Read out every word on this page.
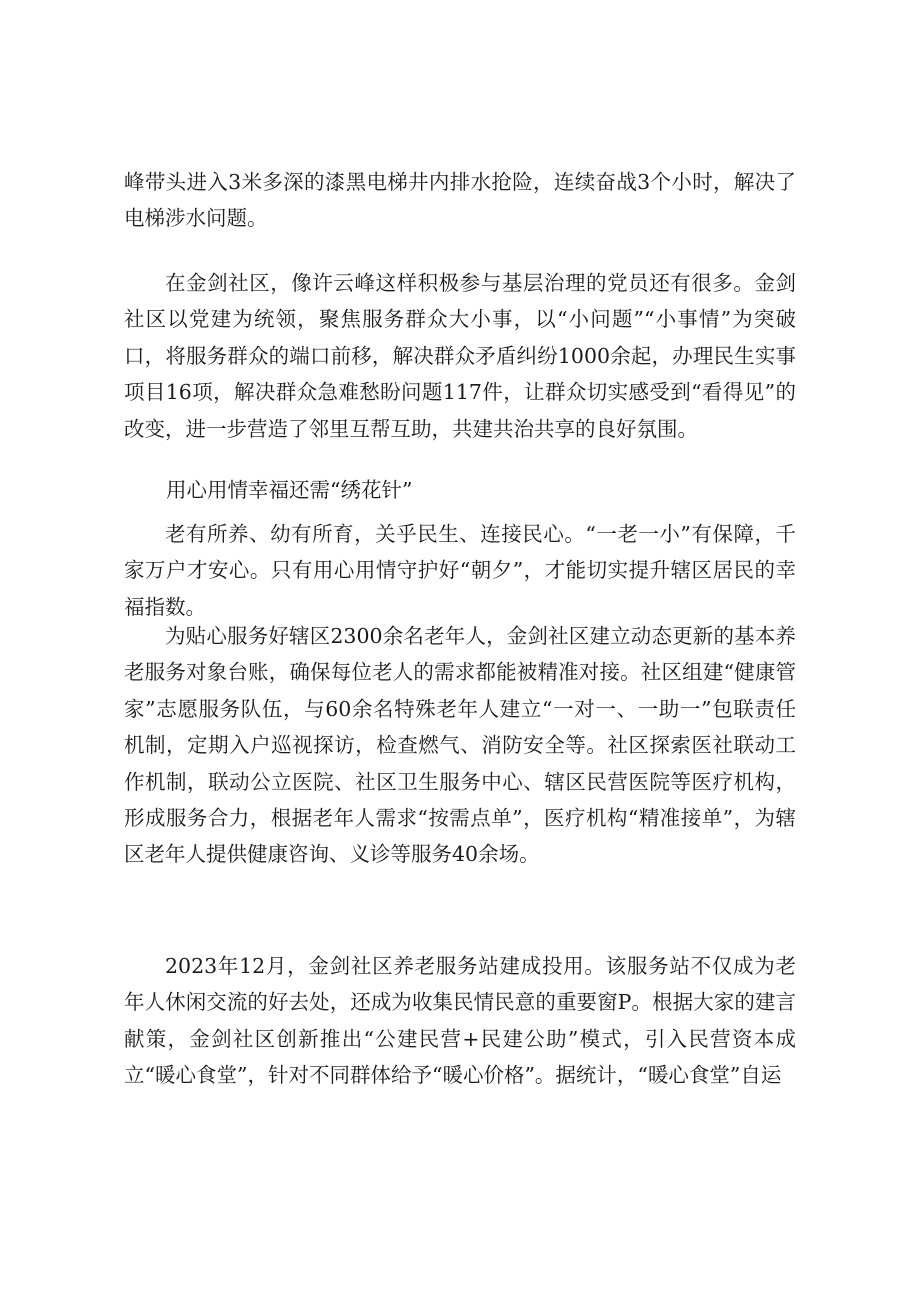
峰带头进入3米多深的漆黑电梯井内排水抢险，连续奋战3个小时，解决了电梯涉水问题。

在金剑社区，像许云峰这样积极参与基层治理的党员还有很多。金剑社区以党建为统领，聚焦服务群众大小事，以“小问题”“小事情”为突破口，将服务群众的端口前移，解决群众矛盾纠纷1000余起，办理民生实事项目16项，解决群众急难愁盼问题117件，让群众切实感受到“看得见”的改变，进一步营造了邻里互帮互助，共建共治共享的良好氛围。

用心用情幸福还需“绣花针”

老有所养、幼有所育，关乎民生、连接民心。“一老一小”有保障，千家万户才安心。只有用心用情守护好“朝夕”，才能切实提升辖区居民的幸福指数。

为贴心服务好辖区2300余名老年人，金剑社区建立动态更新的基本养老服务对象台账，确保每位老人的需求都能被精准对接。社区组建“健康管家”志愿服务队伍，与60余名特殊老年人建立“一对一、一助一”包联责任机制，定期入户巡视探访，检查燃气、消防安全等。社区探索医社联动工作机制，联动公立医院、社区卫生服务中心、辖区民营医院等医疗机构，形成服务合力，根据老年人需求“按需点单”，医疗机构“精准接单”，为辖区老年人提供健康咨询、义诊等服务40余场。

2023年12月，金剑社区养老服务站建成投用。该服务站不仅成为老年人休闲交流的好去处，还成为收集民情民意的重要窗P。根据大家的建言献策，金剑社区创新推出“公建民营+民建公助”模式，引入民营资本成立“暖心食堂”，针对不同群体给予“暖心价格”。据统计，“暖心食堂”自运
